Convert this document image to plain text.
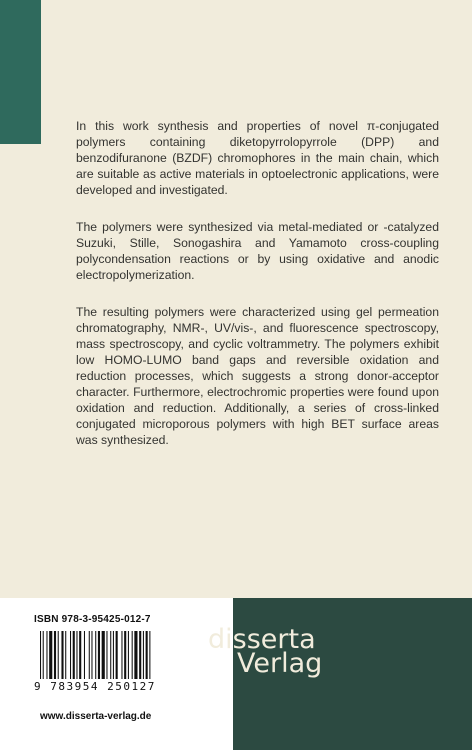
In this work synthesis and properties of novel π-conjugated polymers containing diketopyrrolopyrrole (DPP) and benzodifuranone (BZDF) chromophores in the main chain, which are suitable as active materials in optoelectronic applications, were developed and investigated.

The polymers were synthesized via metal-mediated or -catalyzed Suzuki, Stille, Sonogashira and Yamamoto cross-coupling polycondensation reactions or by using oxidative and anodic electropolymerization.

The resulting polymers were characterized using gel permeation chromatography, NMR-, UV/vis-, and fluorescence spectroscopy, mass spectroscopy, and cyclic voltrammetry. The polymers exhibit low HOMO-LUMO band gaps and reversible oxidation and reduction processes, which suggests a strong donor-acceptor character. Furthermore, electrochromic properties were found upon oxidation and reduction. Additionally, a series of cross-linked conjugated microporous polymers with high BET surface areas was synthesized.

ISBN 978-3-95425-012-7
9 783954 250127
www.disserta-verlag.de
disserta
Verlag
